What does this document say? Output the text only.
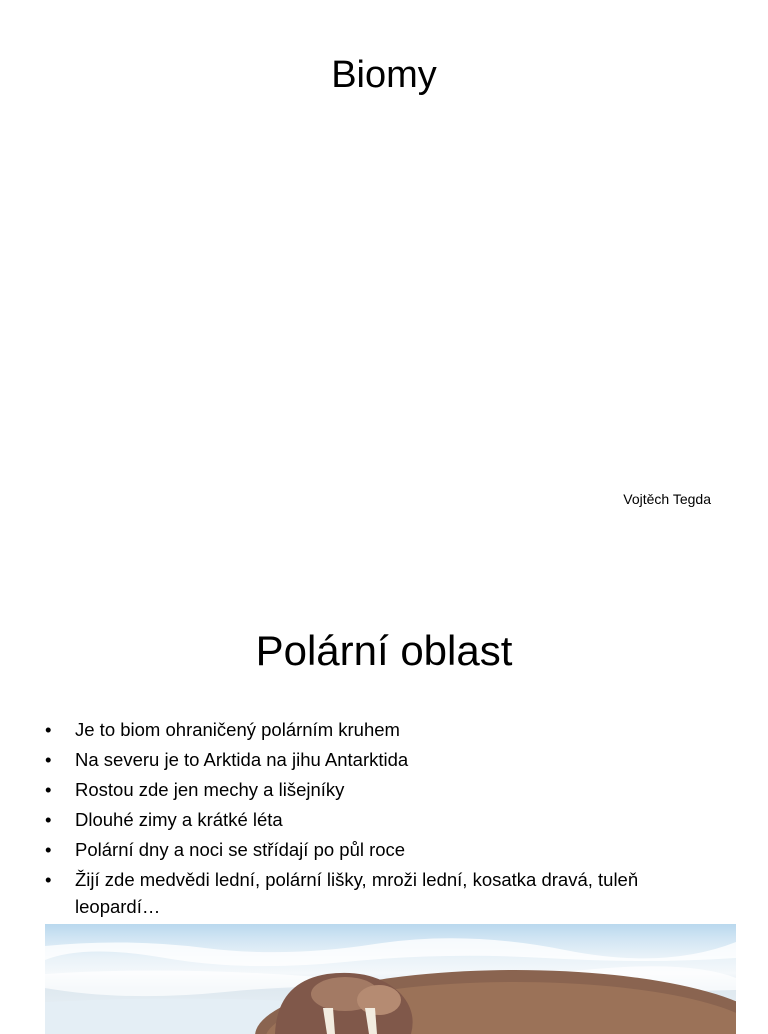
Biomy
Vojtěch Tegda
Polární oblast
• Je to biom ohraničený polárním kruhem
• Na severu je to Arktida na jihu Antarktida
• Rostou zde jen mechy a lišejníky
• Dlouhé zimy a krátké léta
• Polární dny a noci se střídají po půl roce
• Žijí zde medvědi lední, polární lišky, mroži lední, kosatka dravá, tuleň leopardí…
